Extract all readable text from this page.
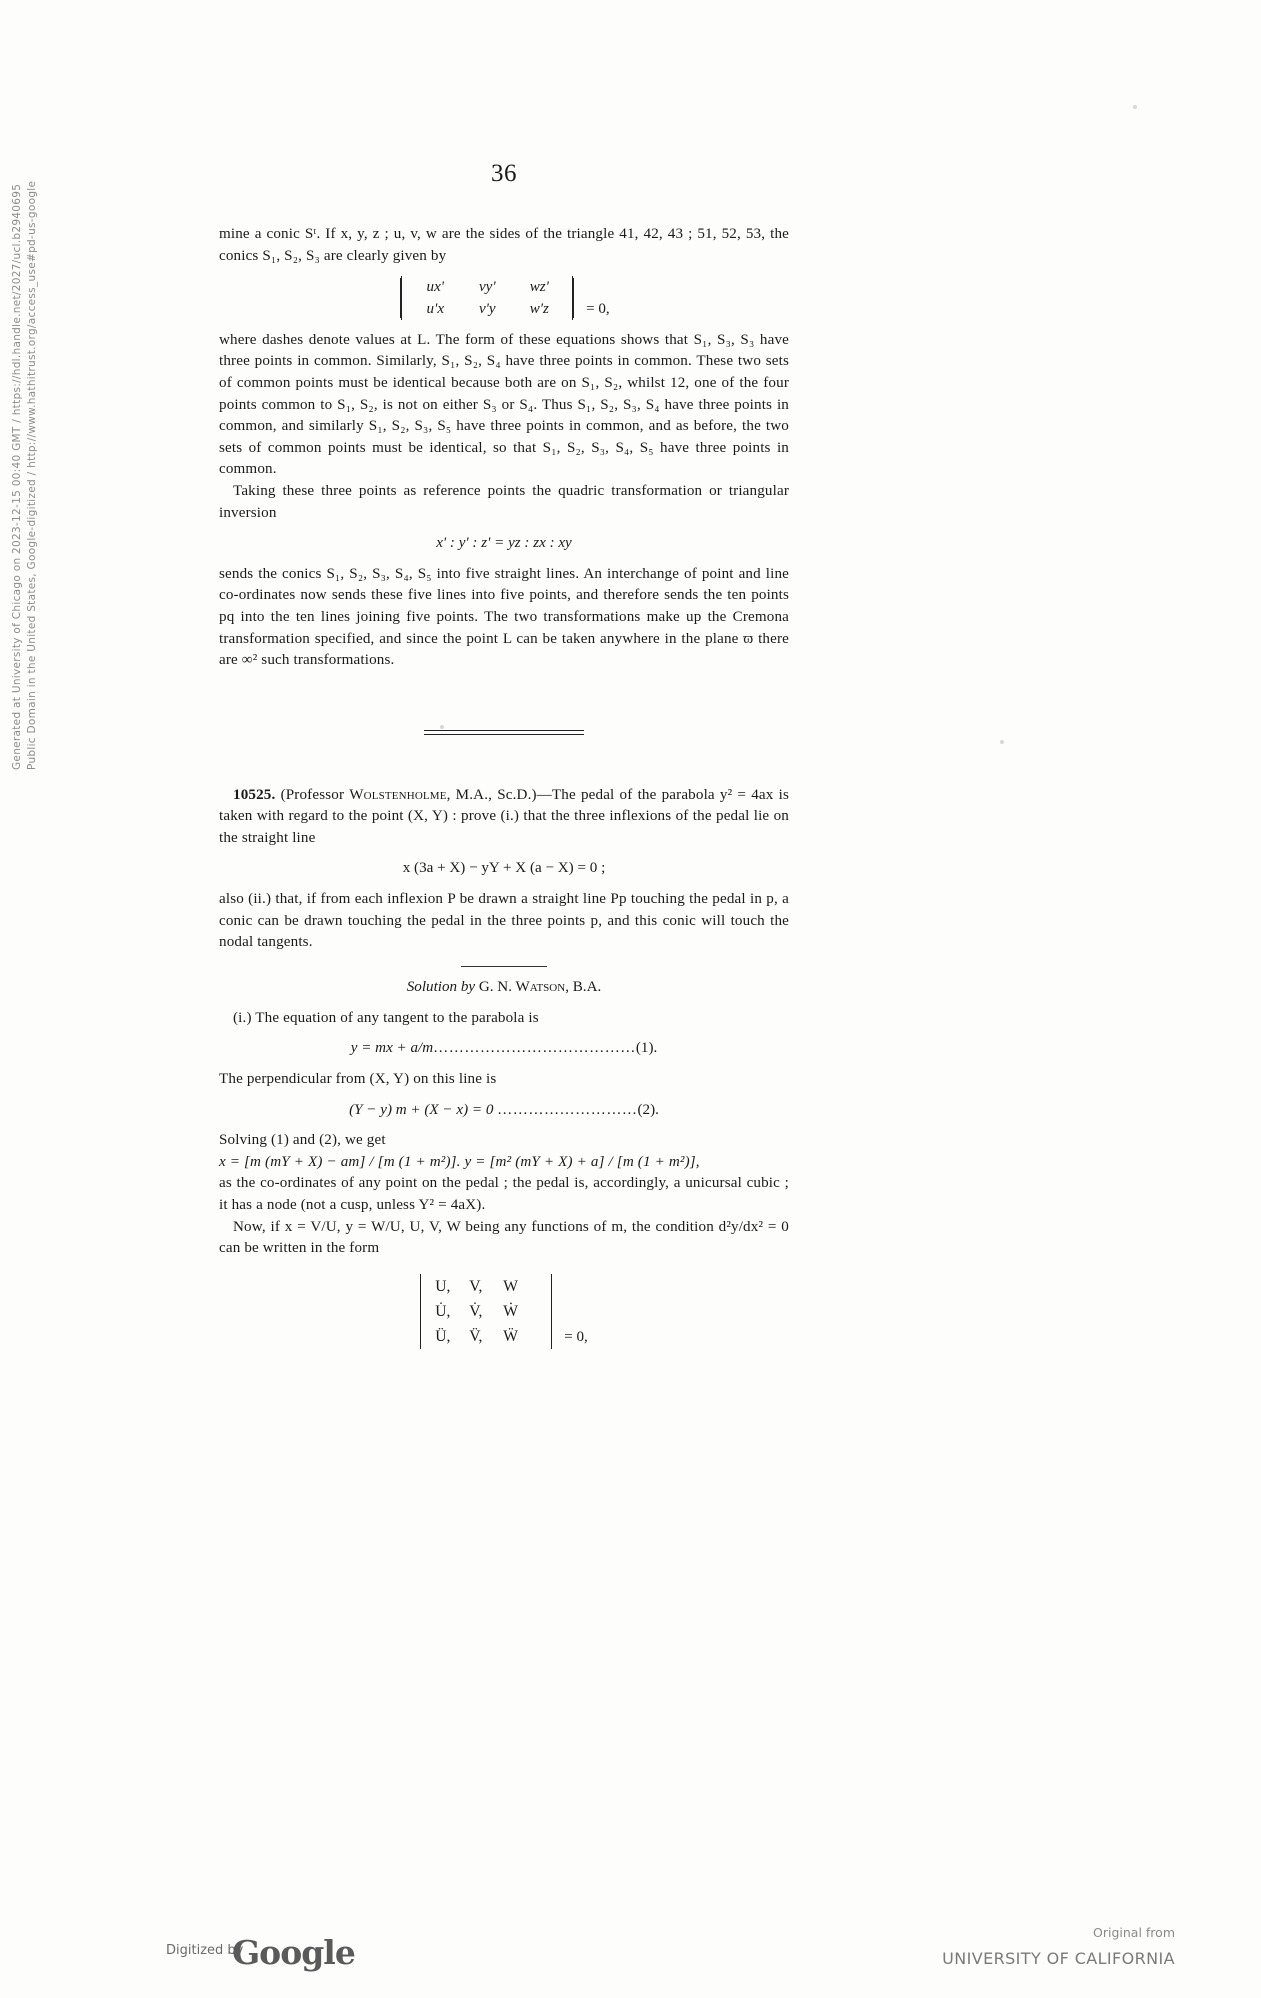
Generated at University of Chicago on 2023-12-15 00:40 GMT / https://hdl.handle.net/2027/ucl.b2940695 Public Domain in the United States, Google-digitized / http://www.hathitrust.org/access_use#pd-us-google
36

mine a conic Sᵗ. If x, y, z ; u, v, w are the sides of the triangle 41, 42, 43 ; 51, 52, 53, the conics S₁, S₂, S₃ are clearly given by

ux' vy' wz'
u'x v'y w'z	= 0,

where dashes denote values at L. The form of these equations shows that S₁, S₃, S₃ have three points in common. Similarly, S₁, S₂, S₄ have three points in common. These two sets of common points must be identical because both are on S₁, S₂, whilst 12, one of the four points common to S₁, S₂, is not on either S₃ or S₄. Thus S₁, S₂, S₃, S₄ have three points in common, and similarly S₁, S₂, S₃, S₅ have three points in common, and as before, the two sets of common points must be identical, so that S₁, S₂, S₃, S₄, S₅ have three points in common.

Taking these three points as reference points the quadric transformation or triangular inversion

x' : y' : z' = yz : zx : xy

sends the conics S₁, S₂, S₃, S₄, S₅ into five straight lines. An interchange of point and line co-ordinates now sends these five lines into five points, and therefore sends the ten points pq into the ten lines joining five points. The two transformations make up the Cremona transformation specified, and since the point L can be taken anywhere in the plane ϖ there are ∞² such transformations.

10525. (Professor Wolstenholme, M.A., Sc.D.)—The pedal of the parabola y² = 4ax is taken with regard to the point (X, Y) : prove (i.) that the three inflexions of the pedal lie on the straight line

x (3a + X) − yY + X (a − X) = 0 ;

also (ii.) that, if from each inflexion P be drawn a straight line Pp touching the pedal in p, a conic can be drawn touching the pedal in the three points p, and this conic will touch the nodal tangents.

Solution by G. N. Watson, B.A.

(i.) The equation of any tangent to the parabola is

y = mx + a/m…………………………………(1).

The perpendicular from (X, Y) on this line is

(Y − y) m + (X − x) = 0 ………………………(2).

Solving (1) and (2), we get

x = [m (mY + X) − am] / [m (1 + m²)]. y = [m² (mY + X) + a] / [m (1 + m²)],

as the co-ordinates of any point on the pedal ; the pedal is, accordingly, a unicursal cubic ; it has a node (not a cusp, unless Y² = 4aX).

Now, if x = V/U, y = W/U, U, V, W being any functions of m, the condition d²y/dx² = 0 can be written in the form

U, V, W
U̇, V̇, Ẇ
Ü, V̈, Ẅ	= 0,
Digitized by
Google
Original from
UNIVERSITY OF CALIFORNIA
